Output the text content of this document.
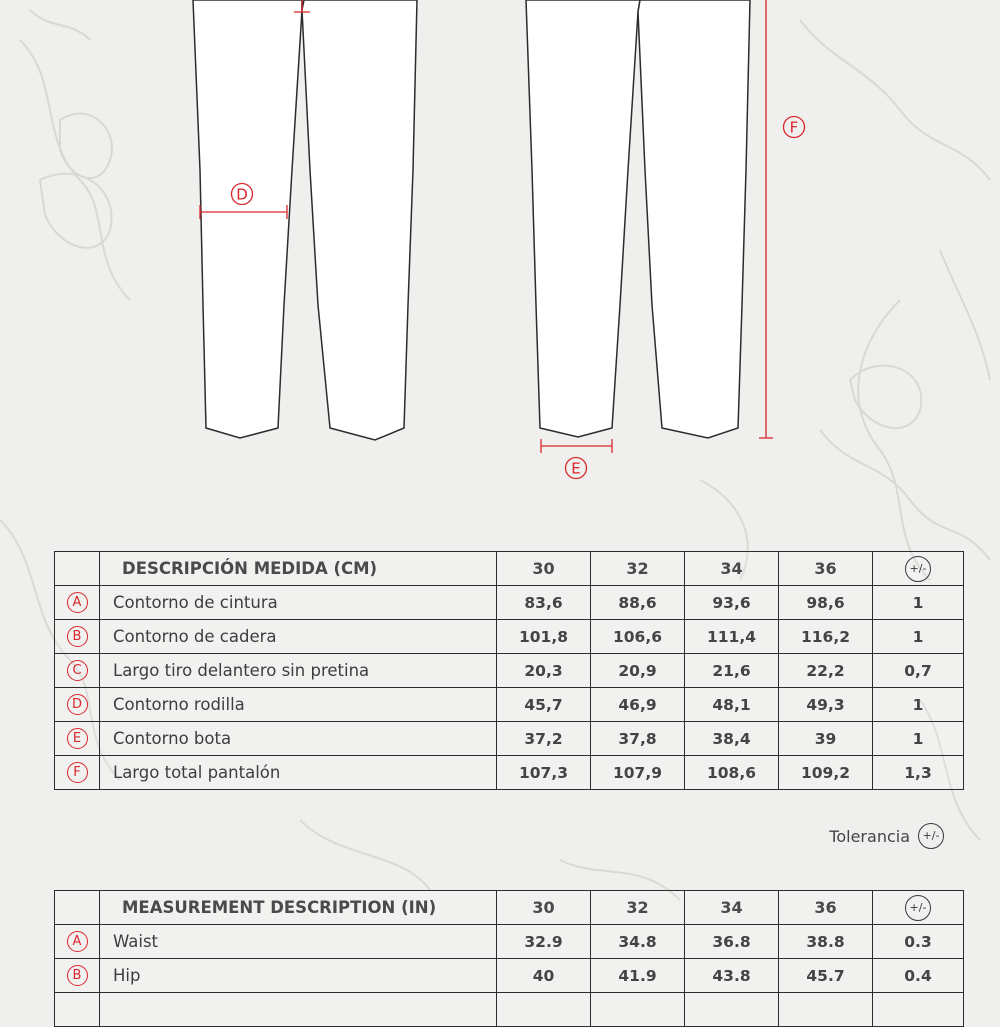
D
E
F
	DESCRIPCIÓN MEDIDA (CM)	30	32	34	36	+/-
A	Contorno de cintura	83,6	88,6	93,6	98,6	1
B	Contorno de cadera	101,8	106,6	111,4	116,2	1
C	Largo tiro delantero sin pretina	20,3	20,9	21,6	22,2	0,7
D	Contorno rodilla	45,7	46,9	48,1	49,3	1
E	Contorno bota	37,2	37,8	38,4	39	1
F	Largo total pantalón	107,3	107,9	108,6	109,2	1,3
Tolerancia	+/-
	MEASUREMENT DESCRIPTION (IN)	30	32	34	36	+/-
A	Waist	32.9	34.8	36.8	38.8	0.3
B	Hip	40	41.9	43.8	45.7	0.4
